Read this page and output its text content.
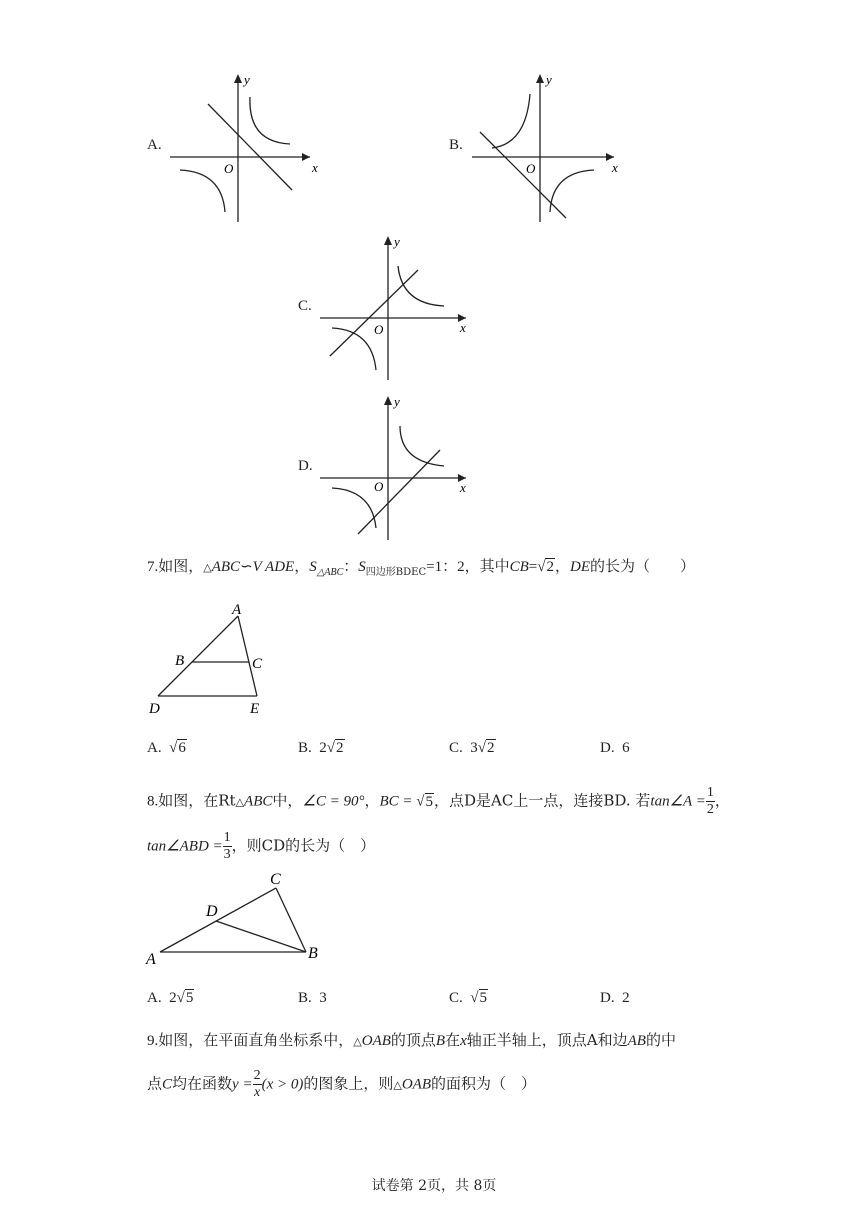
A.
y
x
O
B.
y
x
O
C.
y
x
O
D.
y
x
O
7.如图，△ABC∽V ADE，$S_{\triangle ABC}$：$S_{四边形BDEC}=1$：2，其中CB=√2，DE的长为（　　）
A
B	C
D	E
A. √6	B. 2√2	C. 3√2	D. 6
8.如图，在Rt△ABC中，∠C = 90°，BC = √5，点D是AC上一点，连接BD. 若tan∠A = $\frac{1}{2}$ ，
tan∠ABD = $\frac{1}{3}$ ，则CD的长为（　）
C
D
A	B
A. 2√5	B. 3	C. √5	D. 2
9.如图，在平面直角坐标系中，△OAB的顶点B在x轴正半轴上，顶点A和边AB的中
点C均在函数$y = \frac{2}{x} (x > 0)$的图象上，则△OAB的面积为（　）
试卷第 2页，共 8页
